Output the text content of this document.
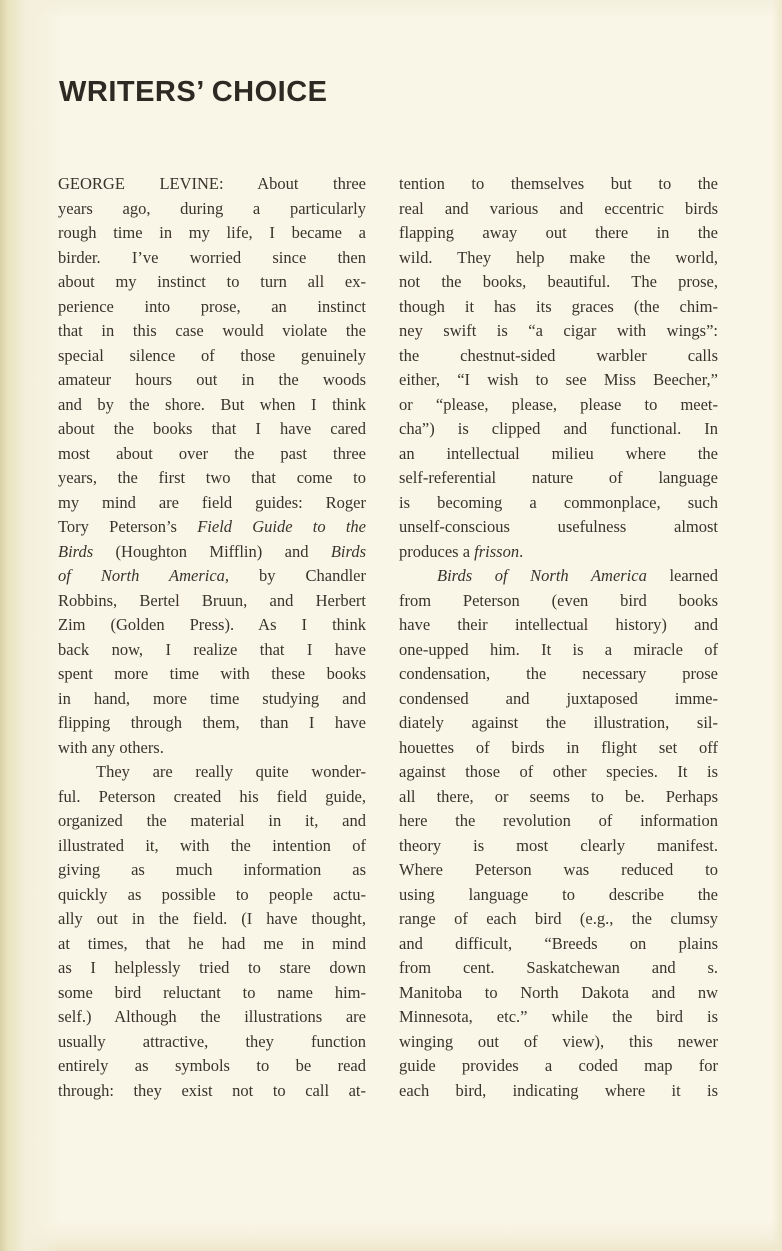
WRITERS’ CHOICE
GEORGE LEVINE: About three
years ago, during a particularly
rough time in my life, I became a
birder. I’ve worried since then
about my instinct to turn all ex-
perience into prose, an instinct
that in this case would violate the
special silence of those genuinely
amateur hours out in the woods
and by the shore. But when I think
about the books that I have cared
most about over the past three
years, the first two that come to
my mind are field guides: Roger
Tory Peterson’s Field Guide to the
Birds (Houghton Mifflin) and Birds
of North America, by Chandler
Robbins, Bertel Bruun, and Herbert
Zim (Golden Press). As I think
back now, I realize that I have
spent more time with these books
in hand, more time studying and
flipping through them, than I have
with any others.
They are really quite wonder-
ful. Peterson created his field guide,
organized the material in it, and
illustrated it, with the intention of
giving as much information as
quickly as possible to people actu-
ally out in the field. (I have thought,
at times, that he had me in mind
as I helplessly tried to stare down
some bird reluctant to name him-
self.) Although the illustrations are
usually attractive, they function
entirely as symbols to be read
through: they exist not to call at-
tention to themselves but to the
real and various and eccentric birds
flapping away out there in the
wild. They help make the world,
not the books, beautiful. The prose,
though it has its graces (the chim-
ney swift is “a cigar with wings”:
the chestnut-sided warbler calls
either, “I wish to see Miss Beecher,”
or “please, please, please to meet-
cha”) is clipped and functional. In
an intellectual milieu where the
self-referential nature of language
is becoming a commonplace, such
unself-conscious usefulness almost
produces a frisson.
Birds of North America learned
from Peterson (even bird books
have their intellectual history) and
one-upped him. It is a miracle of
condensation, the necessary prose
condensed and juxtaposed imme-
diately against the illustration, sil-
houettes of birds in flight set off
against those of other species. It is
all there, or seems to be. Perhaps
here the revolution of information
theory is most clearly manifest.
Where Peterson was reduced to
using language to describe the
range of each bird (e.g., the clumsy
and difficult, “Breeds on plains
from cent. Saskatchewan and s.
Manitoba to North Dakota and nw
Minnesota, etc.” while the bird is
winging out of view), this newer
guide provides a coded map for
each bird, indicating where it is
